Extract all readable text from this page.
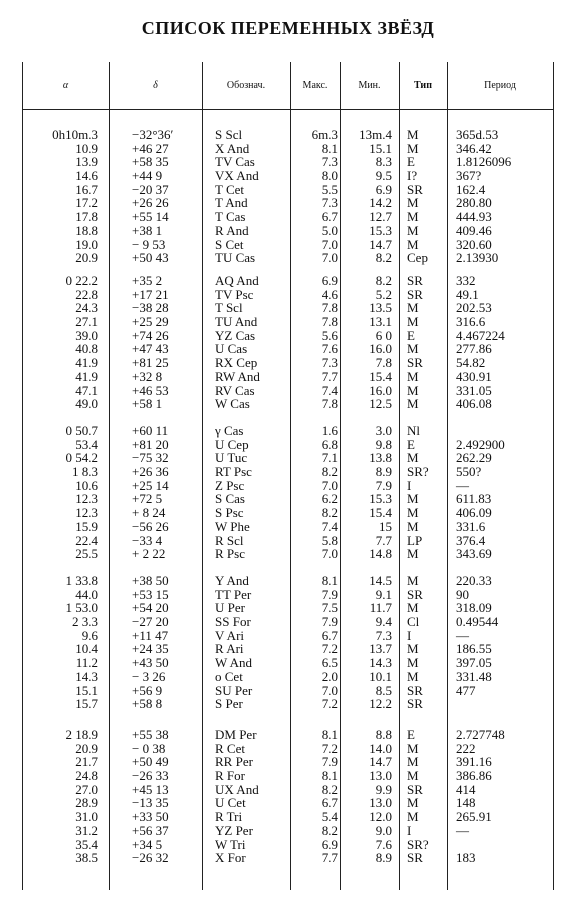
СПИСОК ПЕРЕМЕННЫХ ЗВЁЗД
α	δ	Обознач.	Макс.	Мин.	Тип	Период
0h10m.3	−32°36′	S Scl	6m.3	13m.4 M	365d.53
10.9	+46 27	X And	8.1	15.1 M	346.42
13.9	+58 35	TV Cas	7.3	8.3 E	1.8126096
14.6	+44 9	VX And	8.0	9.5 I?	367?
16.7	−20 37	T Cet	5.5	6.9 SR	162.4
17.2	+26 26	T And	7.3	14.2 M	280.80
17.8	+55 14	T Cas	6.7	12.7 M	444.93
18.8	+38 1	R And	5.0	15.3 M	409.46
19.0	− 9 53	S Cet	7.0	14.7 M	320.60
20.9	+50 43	TU Cas	7.0	8.2 Cep	2.13930
0 22.2	+35 2	AQ And	6.9	8.2 SR	332
22.8	+17 21	TV Psc	4.6	5.2 SR	49.1
24.3	−38 28	T Scl	7.8	13.5 M	202.53
27.1	+25 29	TU And	7.8	13.1 M	316.6
39.0	+74 26	YZ Cas	5.6	6 0 E	4.467224
40.8	+47 43	U Cas	7.6	16.0 M	277.86
41.9	+81 25	RX Cep	7.3	7.8 SR	54.82
41.9	+32 8	RW And	7.7	15.4 M	430.91
47.1	+46 53	RV Cas	7.4	16.0 M	331.05
49.0	+58 1	W Cas	7.8	12.5 M	406.08
0 50.7	+60 11	γ Cas	1.6	3.0 Nl
53.4	+81 20	U Cep	6.8	9.8 E	2.492900
0 54.2	−75 32	U Tuc	7.1	13.8 M	262.29
1 8.3	+26 36	RT Psc	8.2	8.9 SR?	550?
10.6	+25 14	Z Psc	7.0	7.9 I	—
12.3	+72 5	S Cas	6.2	15.3 M	611.83
12.3	+ 8 24	S Psc	8.2	15.4 M	406.09
15.9	−56 26	W Phe	7.4	15 M	331.6
22.4	−33 4	R Scl	5.8	7.7 LP	376.4
25.5	+ 2 22	R Psc	7.0	14.8 M	343.69
1 33.8	+38 50	Y And	8.1	14.5 M	220.33
44.0	+53 15	TT Per	7.9	9.1 SR	90
1 53.0	+54 20	U Per	7.5	11.7 M	318.09
2 3.3	−27 20	SS For	7.9	9.4 Cl	0.49544
9.6	+11 47	V Ari	6.7	7.3 I	—
10.4	+24 35	R Ari	7.2	13.7 M	186.55
11.2	+43 50	W And	6.5	14.3 M	397.05
14.3	− 3 26	o Cet	2.0	10.1 M	331.48
15.1	+56 9	SU Per	7.0	8.5 SR	477
15.7	+58 8	S Per	7.2	12.2 SR
2 18.9	+55 38	DM Per	8.1	8.8 E	2.727748
20.9	− 0 38	R Cet	7.2	14.0 M	222
21.7	+50 49	RR Per	7.9	14.7 M	391.16
24.8	−26 33	R For	8.1	13.0 M	386.86
27.0	+45 13	UX And	8.2	9.9 SR	414
28.9	−13 35	U Cet	6.7	13.0 M	148
31.0	+33 50	R Tri	5.4	12.0 M	265.91
31.2	+56 37	YZ Per	8.2	9.0 I	—
35.4	+34 5	W Tri	6.9	7.6 SR?
38.5	−26 32	X For	7.7	8.9 SR	183
